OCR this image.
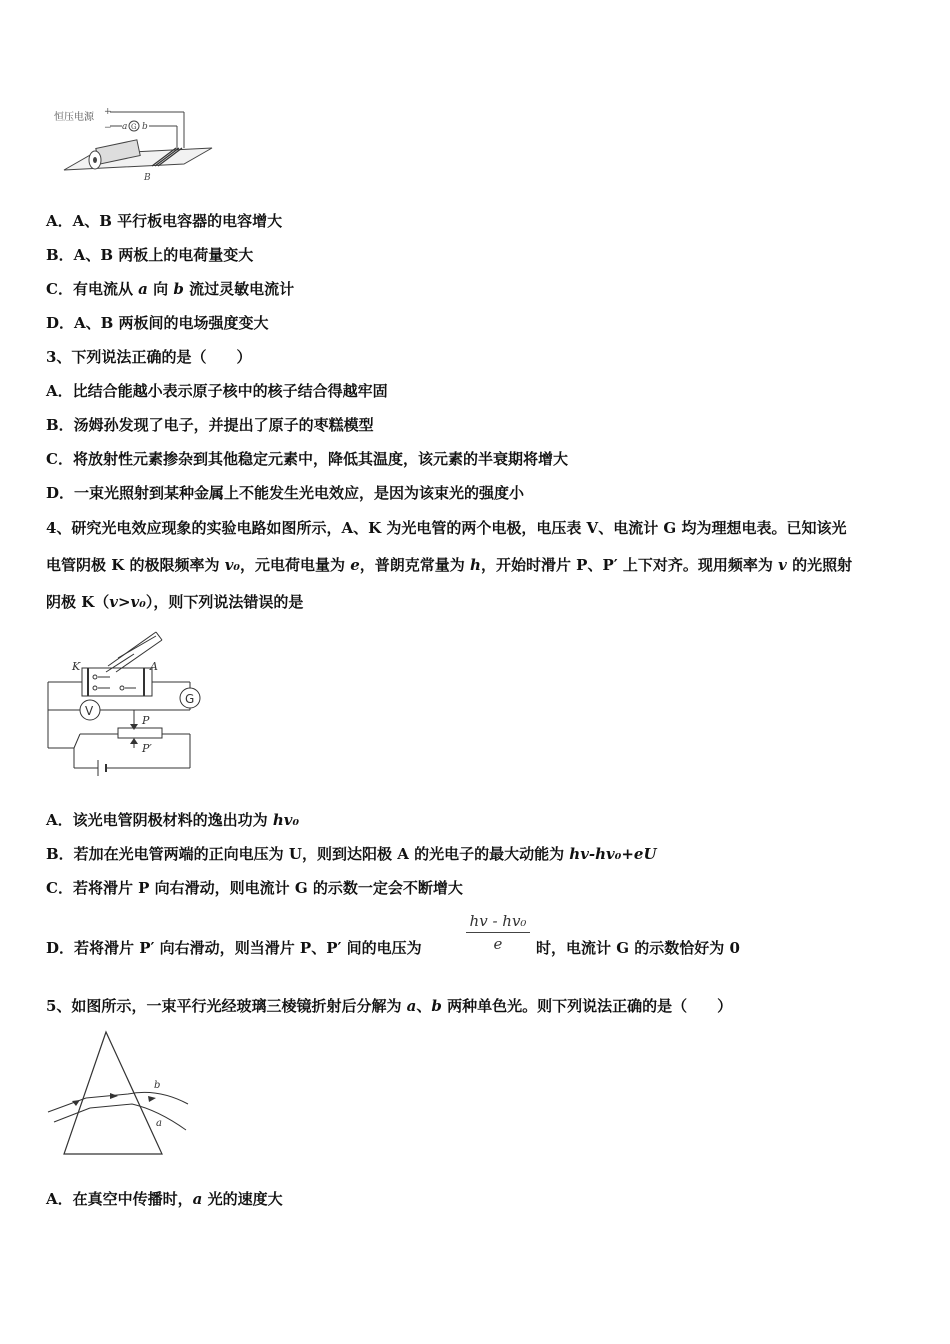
恒压电源 +
− a G b
B
A．A、B 平行板电容器的电容增大
B．A、B 两板上的电荷量变大
C．有电流从 a 向 b 流过灵敏电流计
D．A、B 两板间的电场强度变大
3、下列说法正确的是（　　）
A．比结合能越小表示原子核中的核子结合得越牢固
B．汤姆孙发现了电子，并提出了原子的枣糕模型
C．将放射性元素掺杂到其他稳定元素中，降低其温度，该元素的半衰期将增大
D．一束光照射到某种金属上不能发生光电效应，是因为该束光的强度小
4、研究光电效应现象的实验电路如图所示，A、K 为光电管的两个电极，电压表 V、电流计 G 均为理想电表。已知该光
电管阴极 K 的极限频率为 v₀，元电荷电量为 e，普朗克常量为 h，开始时滑片 P、P′ 上下对齐。现用频率为 v 的光照射
阴极 K（v>v₀），则下列说法错误的是
G
V
K	A
P
P′
A．该光电管阴极材料的逸出功为 hv₀
B．若加在光电管两端的正向电压为 U，则到达阳极 A 的光电子的最大动能为 hv-hv₀+eU
C．若将滑片 P 向右滑动，则电流计 G 的示数一定会不断增大
D．若将滑片 P′ 向右滑动，则当滑片 P、P′ 间的电压为
hv - hv₀
e	时，电流计 G 的示数恰好为 0
5、如图所示，一束平行光经玻璃三棱镜折射后分解为 a、b 两种单色光。则下列说法正确的是（　　）
b
a
A．在真空中传播时，a 光的速度大
